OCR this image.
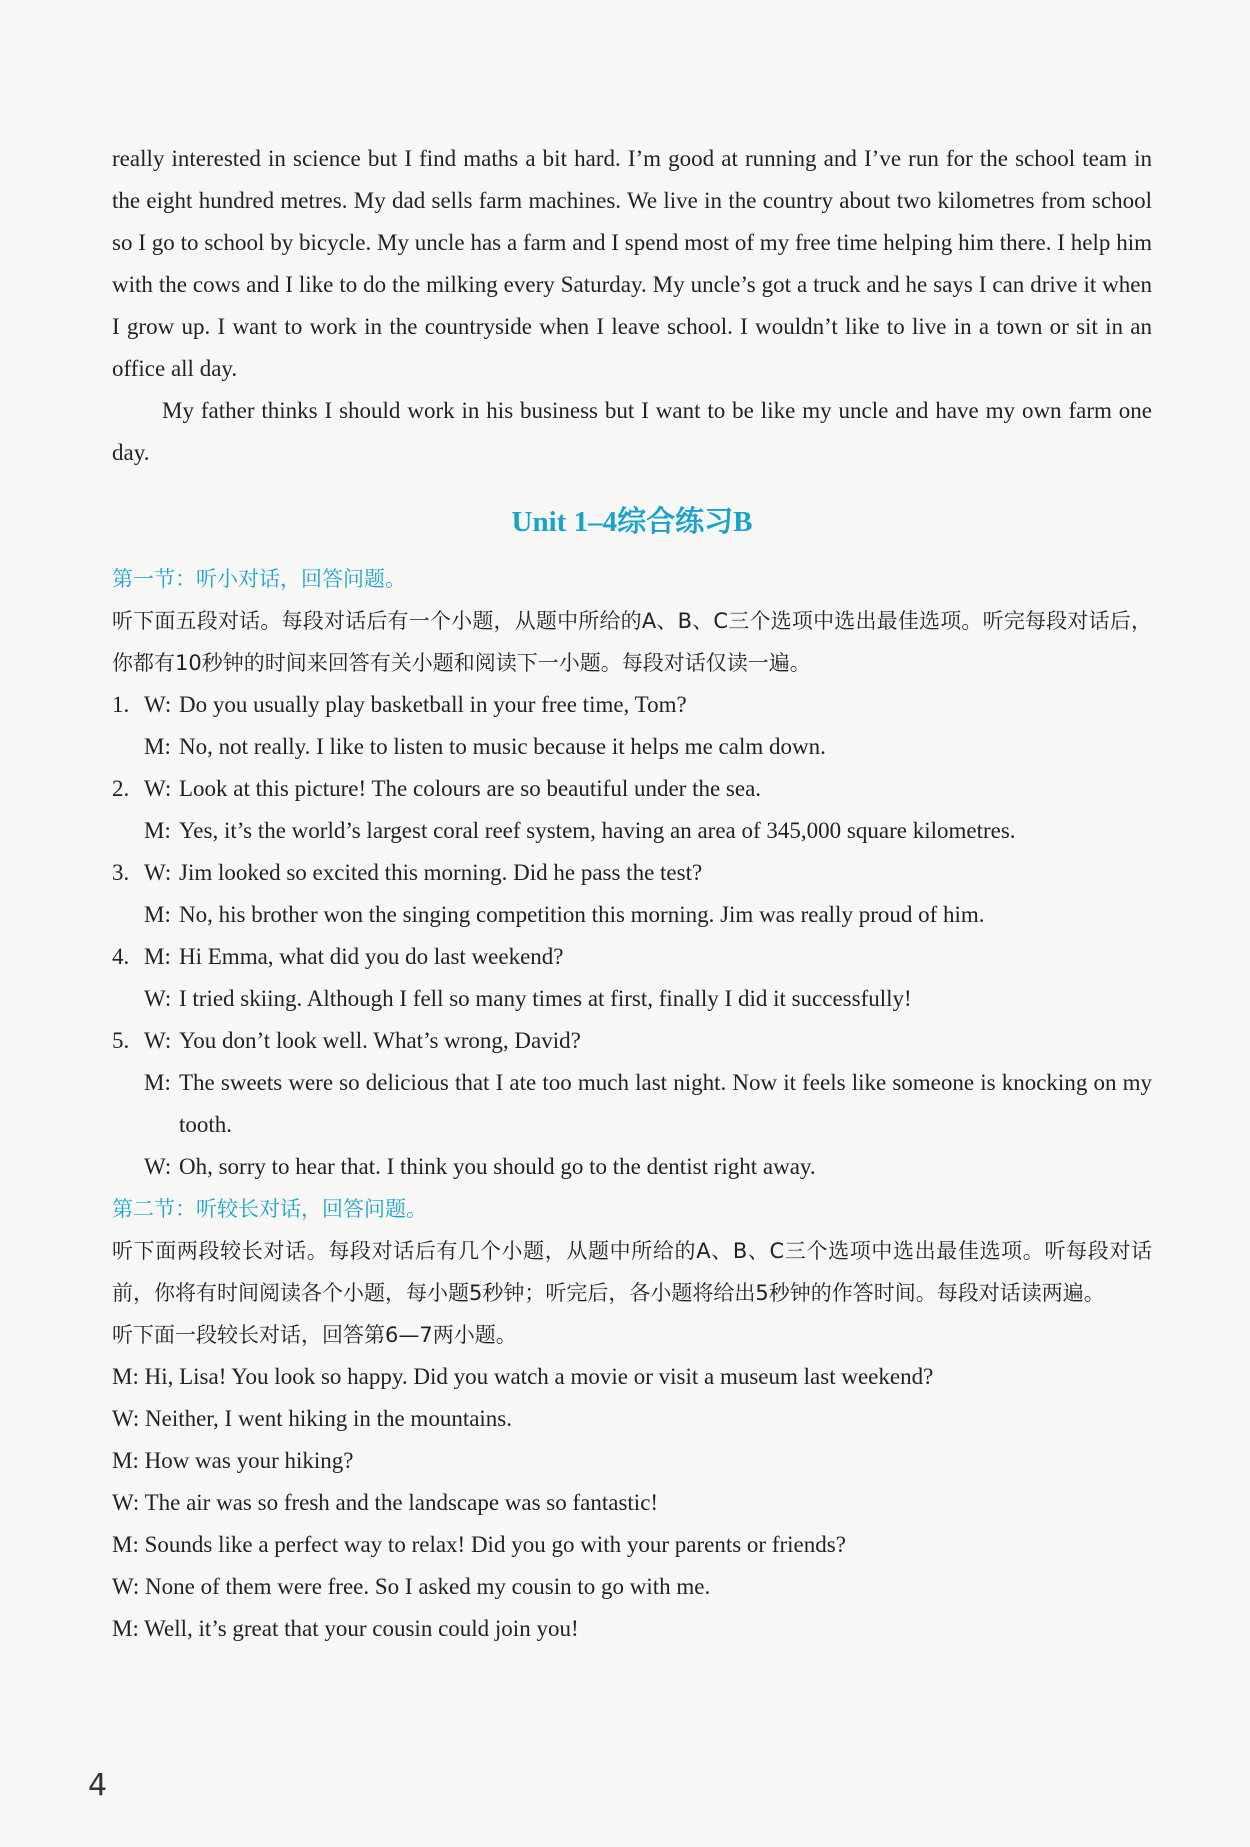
really interested in science but I find maths a bit hard. I’m good at running and I’ve run for the school team in the eight hundred metres. My dad sells farm machines. We live in the country about two kilometres from school so I go to school by bicycle. My uncle has a farm and I spend most of my free time helping him there. I help him with the cows and I like to do the milking every Saturday. My uncle’s got a truck and he says I can drive it when I grow up. I want to work in the countryside when I leave school. I wouldn’t like to live in a town or sit in an office all day.

My father thinks I should work in his business but I want to be like my uncle and have my own farm one day.

Unit 1–4综合练习B

第一节：听小对话，回答问题。

听下面五段对话。每段对话后有一个小题，从题中所给的A、B、C三个选项中选出最佳选项。听完每段对话后，你都有10秒钟的时间来回答有关小题和阅读下一小题。每段对话仅读一遍。

1. W: Do you usually play basketball in your free time, Tom?
M: No, not really. I like to listen to music because it helps me calm down.
2. W: Look at this picture! The colours are so beautiful under the sea.
M: Yes, it’s the world’s largest coral reef system, having an area of 345,000 square kilometres.
3. W: Jim looked so excited this morning. Did he pass the test?
M: No, his brother won the singing competition this morning. Jim was really proud of him.
4. M: Hi Emma, what did you do last weekend?
W: I tried skiing. Although I fell so many times at first, finally I did it successfully!
5. W: You don’t look well. What’s wrong, David?
M: The sweets were so delicious that I ate too much last night. Now it feels like someone is knocking on my tooth.
W: Oh, sorry to hear that. I think you should go to the dentist right away.

第二节：听较长对话，回答问题。

听下面两段较长对话。每段对话后有几个小题，从题中所给的A、B、C三个选项中选出最佳选项。听每段对话前，你将有时间阅读各个小题，每小题5秒钟；听完后，各小题将给出5秒钟的作答时间。每段对话读两遍。

听下面一段较长对话，回答第6—7两小题。

M: Hi, Lisa! You look so happy. Did you watch a movie or visit a museum last weekend?

W: Neither, I went hiking in the mountains.

M: How was your hiking?

W: The air was so fresh and the landscape was so fantastic!

M: Sounds like a perfect way to relax! Did you go with your parents or friends?

W: None of them were free. So I asked my cousin to go with me.

M: Well, it’s great that your cousin could join you!

4
